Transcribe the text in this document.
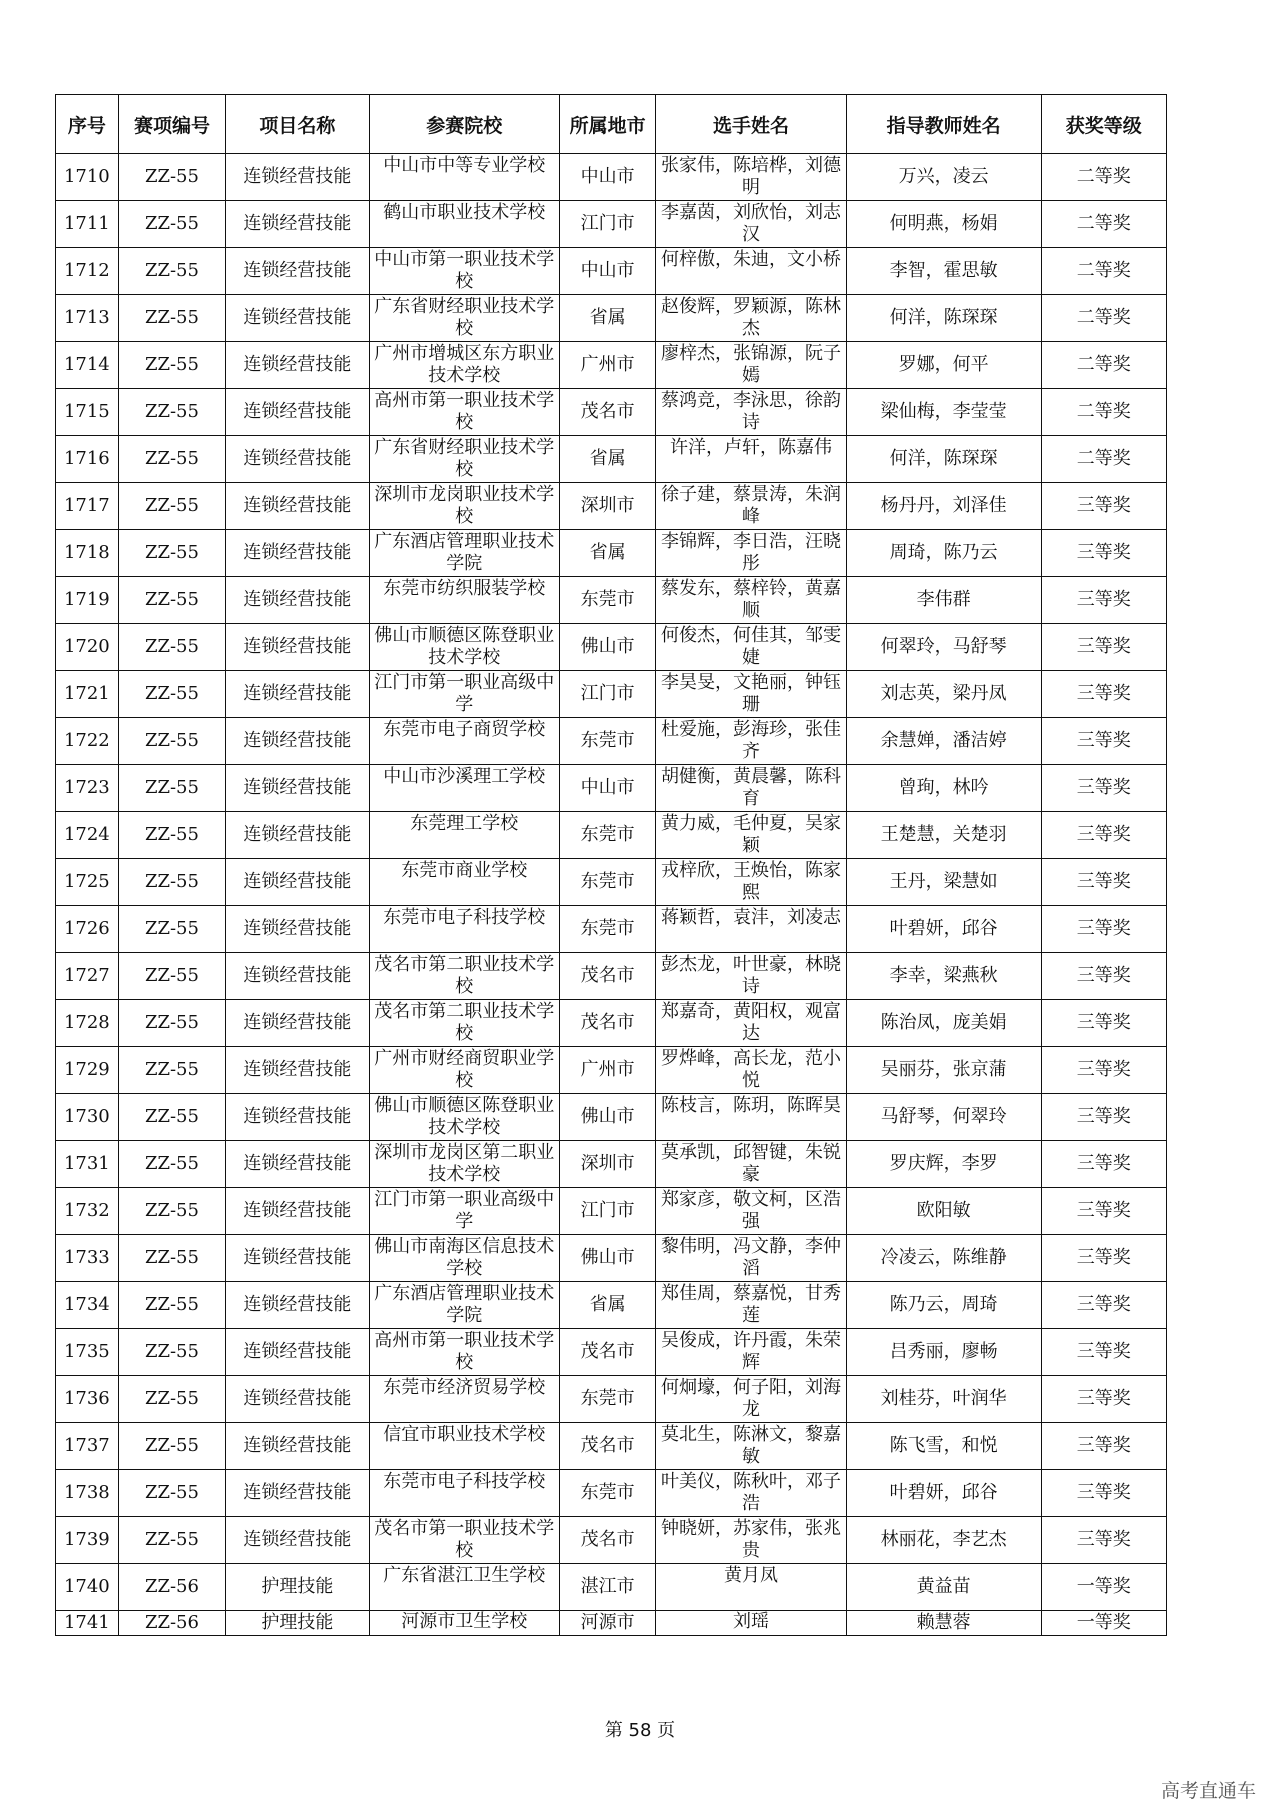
序号	赛项编号	项目名称	参赛院校	所属地市	选手姓名	指导教师姓名	获奖等级
1710	ZZ-55	连锁经营技能	中山市中等专业学校	中山市	张家伟，陈培桦，刘德明	万兴，凌云	二等奖
1711	ZZ-55	连锁经营技能	鹤山市职业技术学校	江门市	李嘉茵，刘欣怡，刘志汉	何明燕，杨娟	二等奖
1712	ZZ-55	连锁经营技能	中山市第一职业技术学校	中山市	何梓傲，朱迪，文小桥	李智，霍思敏	二等奖
1713	ZZ-55	连锁经营技能	广东省财经职业技术学校	省属	赵俊辉，罗颖源，陈林杰	何洋，陈琛琛	二等奖
1714	ZZ-55	连锁经营技能	广州市增城区东方职业技术学校	广州市	廖梓杰，张锦源，阮子嫣	罗娜，何平	二等奖
1715	ZZ-55	连锁经营技能	高州市第一职业技术学校	茂名市	蔡鸿竞，李泳思，徐韵诗	梁仙梅，李莹莹	二等奖
1716	ZZ-55	连锁经营技能	广东省财经职业技术学校	省属	许洋，卢轩，陈嘉伟	何洋，陈琛琛	二等奖
1717	ZZ-55	连锁经营技能	深圳市龙岗职业技术学校	深圳市	徐子建，蔡景涛，朱润峰	杨丹丹，刘泽佳	三等奖
1718	ZZ-55	连锁经营技能	广东酒店管理职业技术学院	省属	李锦辉，李日浩，汪晓彤	周琦，陈乃云	三等奖
1719	ZZ-55	连锁经营技能	东莞市纺织服装学校	东莞市	蔡发东，蔡梓铃，黄嘉顺	李伟群	三等奖
1720	ZZ-55	连锁经营技能	佛山市顺德区陈登职业技术学校	佛山市	何俊杰，何佳其，邹雯婕	何翠玲，马舒琴	三等奖
1721	ZZ-55	连锁经营技能	江门市第一职业高级中学	江门市	李昊旻，文艳丽，钟钰珊	刘志英，梁丹凤	三等奖
1722	ZZ-55	连锁经营技能	东莞市电子商贸学校	东莞市	杜爱施，彭海珍，张佳齐	余慧婵，潘洁婷	三等奖
1723	ZZ-55	连锁经营技能	中山市沙溪理工学校	中山市	胡健衡，黄晨馨，陈科育	曾珣，林吟	三等奖
1724	ZZ-55	连锁经营技能	东莞理工学校	东莞市	黄力威，毛仲夏，吴家颖	王楚慧，关楚羽	三等奖
1725	ZZ-55	连锁经营技能	东莞市商业学校	东莞市	戎梓欣，王焕怡，陈家熙	王丹，梁慧如	三等奖
1726	ZZ-55	连锁经营技能	东莞市电子科技学校	东莞市	蒋颖哲，袁沣，刘凌志	叶碧妍，邱谷	三等奖
1727	ZZ-55	连锁经营技能	茂名市第二职业技术学校	茂名市	彭杰龙，叶世豪，林晓诗	李幸，梁燕秋	三等奖
1728	ZZ-55	连锁经营技能	茂名市第二职业技术学校	茂名市	郑嘉奇，黄阳权，观富达	陈治凤，庞美娟	三等奖
1729	ZZ-55	连锁经营技能	广州市财经商贸职业学校	广州市	罗烨峰，高长龙，范小悦	吴丽芬，张京蒲	三等奖
1730	ZZ-55	连锁经营技能	佛山市顺德区陈登职业技术学校	佛山市	陈枝言，陈玥，陈晖昊	马舒琴，何翠玲	三等奖
1731	ZZ-55	连锁经营技能	深圳市龙岗区第二职业技术学校	深圳市	莫承凯，邱智键，朱锐豪	罗庆辉，李罗	三等奖
1732	ZZ-55	连锁经营技能	江门市第一职业高级中学	江门市	郑家彦，敬文柯，区浩强	欧阳敏	三等奖
1733	ZZ-55	连锁经营技能	佛山市南海区信息技术学校	佛山市	黎伟明，冯文静，李仲滔	冷凌云，陈维静	三等奖
1734	ZZ-55	连锁经营技能	广东酒店管理职业技术学院	省属	郑佳周，蔡嘉悦，甘秀莲	陈乃云，周琦	三等奖
1735	ZZ-55	连锁经营技能	高州市第一职业技术学校	茂名市	吴俊成，许丹霞，朱荣辉	吕秀丽，廖畅	三等奖
1736	ZZ-55	连锁经营技能	东莞市经济贸易学校	东莞市	何炯壕，何子阳，刘海龙	刘桂芬，叶润华	三等奖
1737	ZZ-55	连锁经营技能	信宜市职业技术学校	茂名市	莫北生，陈淋文，黎嘉敏	陈飞雪，和悦	三等奖
1738	ZZ-55	连锁经营技能	东莞市电子科技学校	东莞市	叶美仪，陈秋叶，邓子浩	叶碧妍，邱谷	三等奖
1739	ZZ-55	连锁经营技能	茂名市第一职业技术学校	茂名市	钟晓妍，苏家伟，张兆贵	林丽花，李艺杰	三等奖
1740	ZZ-56	护理技能	广东省湛江卫生学校	湛江市	黄月凤	黄益苗	一等奖
1741	ZZ-56	护理技能	河源市卫生学校	河源市	刘瑶	赖慧蓉	一等奖
第 58 页
高考直通车
